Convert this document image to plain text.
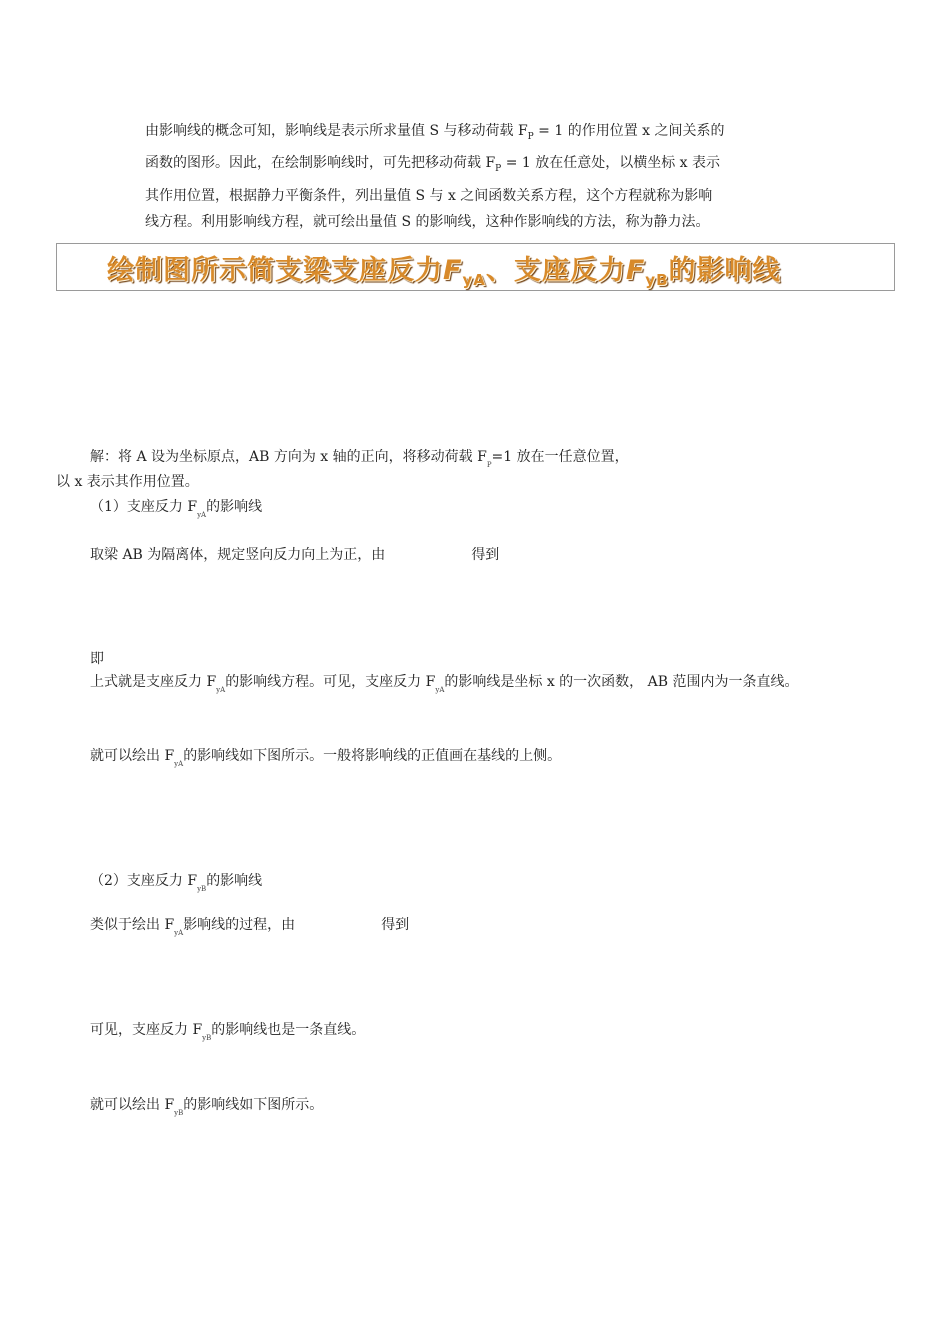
由影响线的概念可知，影响线是表示所求量值 S 与移动荷载 $F_P = 1$ 的作用位置 x 之间关系的

函数的图形。因此，在绘制影响线时，可先把移动荷载 $F_P = 1$ 放在任意处，以横坐标 x 表示

其作用位置，根据静力平衡条件，列出量值 S 与 x 之间函数关系方程，这个方程就称为影响

线方程。利用影响线方程，就可绘出量值 S 的影响线，这种作影响线的方法，称为静力法。

绘制图所示简支梁支座反力$F_{yA}$、支座反力$F_{yB}$的影响线
解：将 A 设为坐标原点，AB 方向为 x 轴的正向，将移动荷载 $F_P=1$ 放在一任意位置，
以 x 表示其作用位置。
（1）支座反力 $F_{yA}$的影响线
取梁 AB 为隔离体，规定竖向反力向上为正，由	得到
即
上式就是支座反力 $F_{yA}$的影响线方程。可见，支座反力 $F_{yA}$的影响线是坐标 x 的一次函数， AB 范围内为一条直线。
就可以绘出 $F_{yA}$的影响线如下图所示。一般将影响线的正值画在基线的上侧。
（2）支座反力 $F_{yB}$的影响线
类似于绘出 $F_{yA}$影响线的过程，由	得到
可见，支座反力 $F_{yB}$的影响线也是一条直线。
就可以绘出 $F_{yB}$的影响线如下图所示。
